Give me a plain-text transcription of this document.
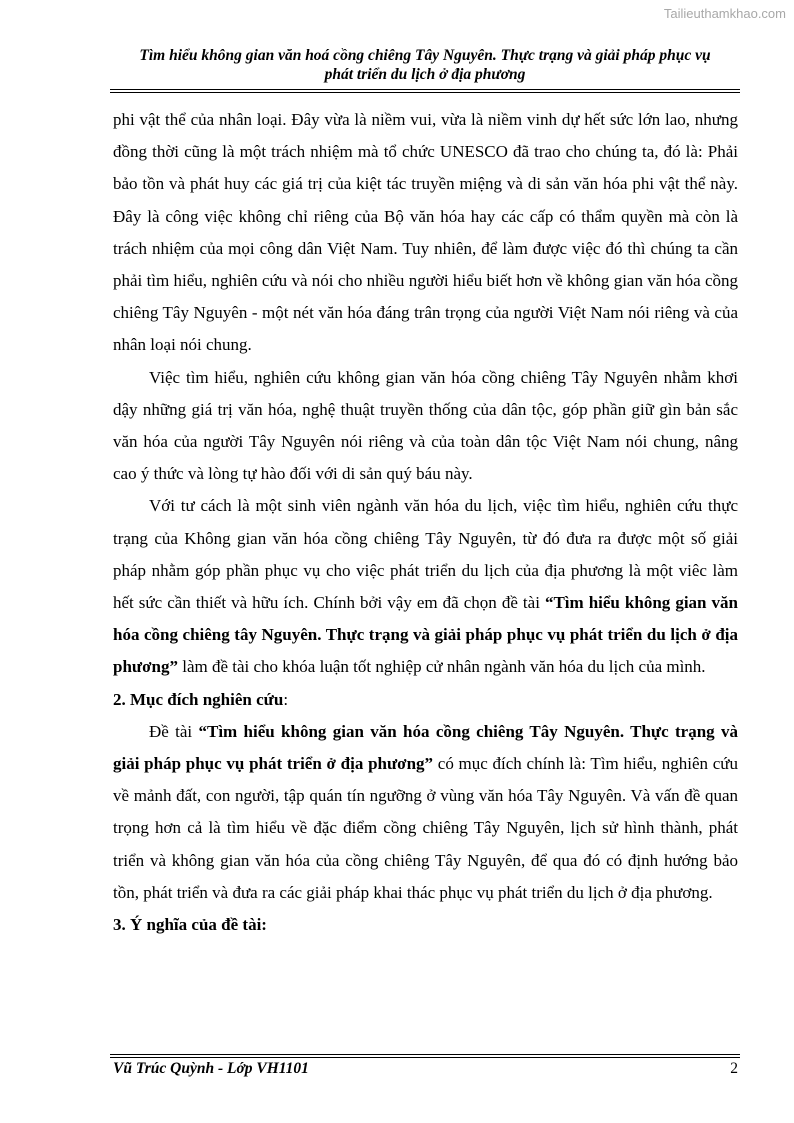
Tailieuthamkhao.com
Tìm hiểu không gian văn hoá cồng chiêng Tây Nguyên. Thực trạng và giải pháp phục vụ
phát triển du lịch ở địa phương

phi vật thể của nhân loại. Đây vừa là niềm vui, vừa là niềm vinh dự hết sức lớn lao, nhưng đồng thời cũng là một trách nhiệm mà tổ chức UNESCO đã trao cho chúng ta, đó là: Phải bảo tồn và phát huy các giá trị của kiệt tác truyền miệng và di sản văn hóa phi vật thể này. Đây là công việc không chỉ riêng của Bộ văn hóa hay các cấp có thẩm quyền mà còn là trách nhiệm của mọi công dân Việt Nam. Tuy nhiên, để làm được việc đó thì chúng ta cần phải tìm hiểu, nghiên cứu và nói cho nhiều người hiểu biết hơn về không gian văn hóa cồng chiêng Tây Nguyên - một nét văn hóa đáng trân trọng của người Việt Nam nói riêng và của nhân loại nói chung.

Việc tìm hiểu, nghiên cứu không gian văn hóa cồng chiêng Tây Nguyên nhằm khơi dậy những giá trị văn hóa, nghệ thuật truyền thống của dân tộc, góp phần giữ gìn bản sắc văn hóa của người Tây Nguyên nói riêng và của toàn dân tộc Việt Nam nói chung, nâng cao ý thức và lòng tự hào đối với di sản quý báu này.

Với tư cách là một sinh viên ngành văn hóa du lịch, việc tìm hiểu, nghiên cứu thực trạng của Không gian văn hóa cồng chiêng Tây Nguyên, từ đó đưa ra được một số giải pháp nhằm góp phần phục vụ cho việc phát triển du lịch của địa phương là một viêc làm hết sức cần thiết và hữu ích. Chính bởi vậy em đã chọn đề tài “Tìm hiểu không gian văn hóa cồng chiêng tây Nguyên. Thực trạng và giải pháp phục vụ phát triển du lịch ở địa phương” làm đề tài cho khóa luận tốt nghiệp cử nhân ngành văn hóa du lịch của mình.

2. Mục đích nghiên cứu:

Đề tài “Tìm hiểu không gian văn hóa cồng chiêng Tây Nguyên. Thực trạng và giải pháp phục vụ phát triển ở địa phương” có mục đích chính là: Tìm hiểu, nghiên cứu về mảnh đất, con người, tập quán tín ngưỡng ở vùng văn hóa Tây Nguyên. Và vấn đề quan trọng hơn cả là tìm hiểu về đặc điểm cồng chiêng Tây Nguyên, lịch sử hình thành, phát triển và không gian văn hóa của cồng chiêng Tây Nguyên, để qua đó có định hướng bảo tồn, phát triển và đưa ra các giải pháp khai thác phục vụ phát triển du lịch ở địa phương.

3. Ý nghĩa của đề tài:

Vũ Trúc Quỳnh - Lớp VH1101	2
